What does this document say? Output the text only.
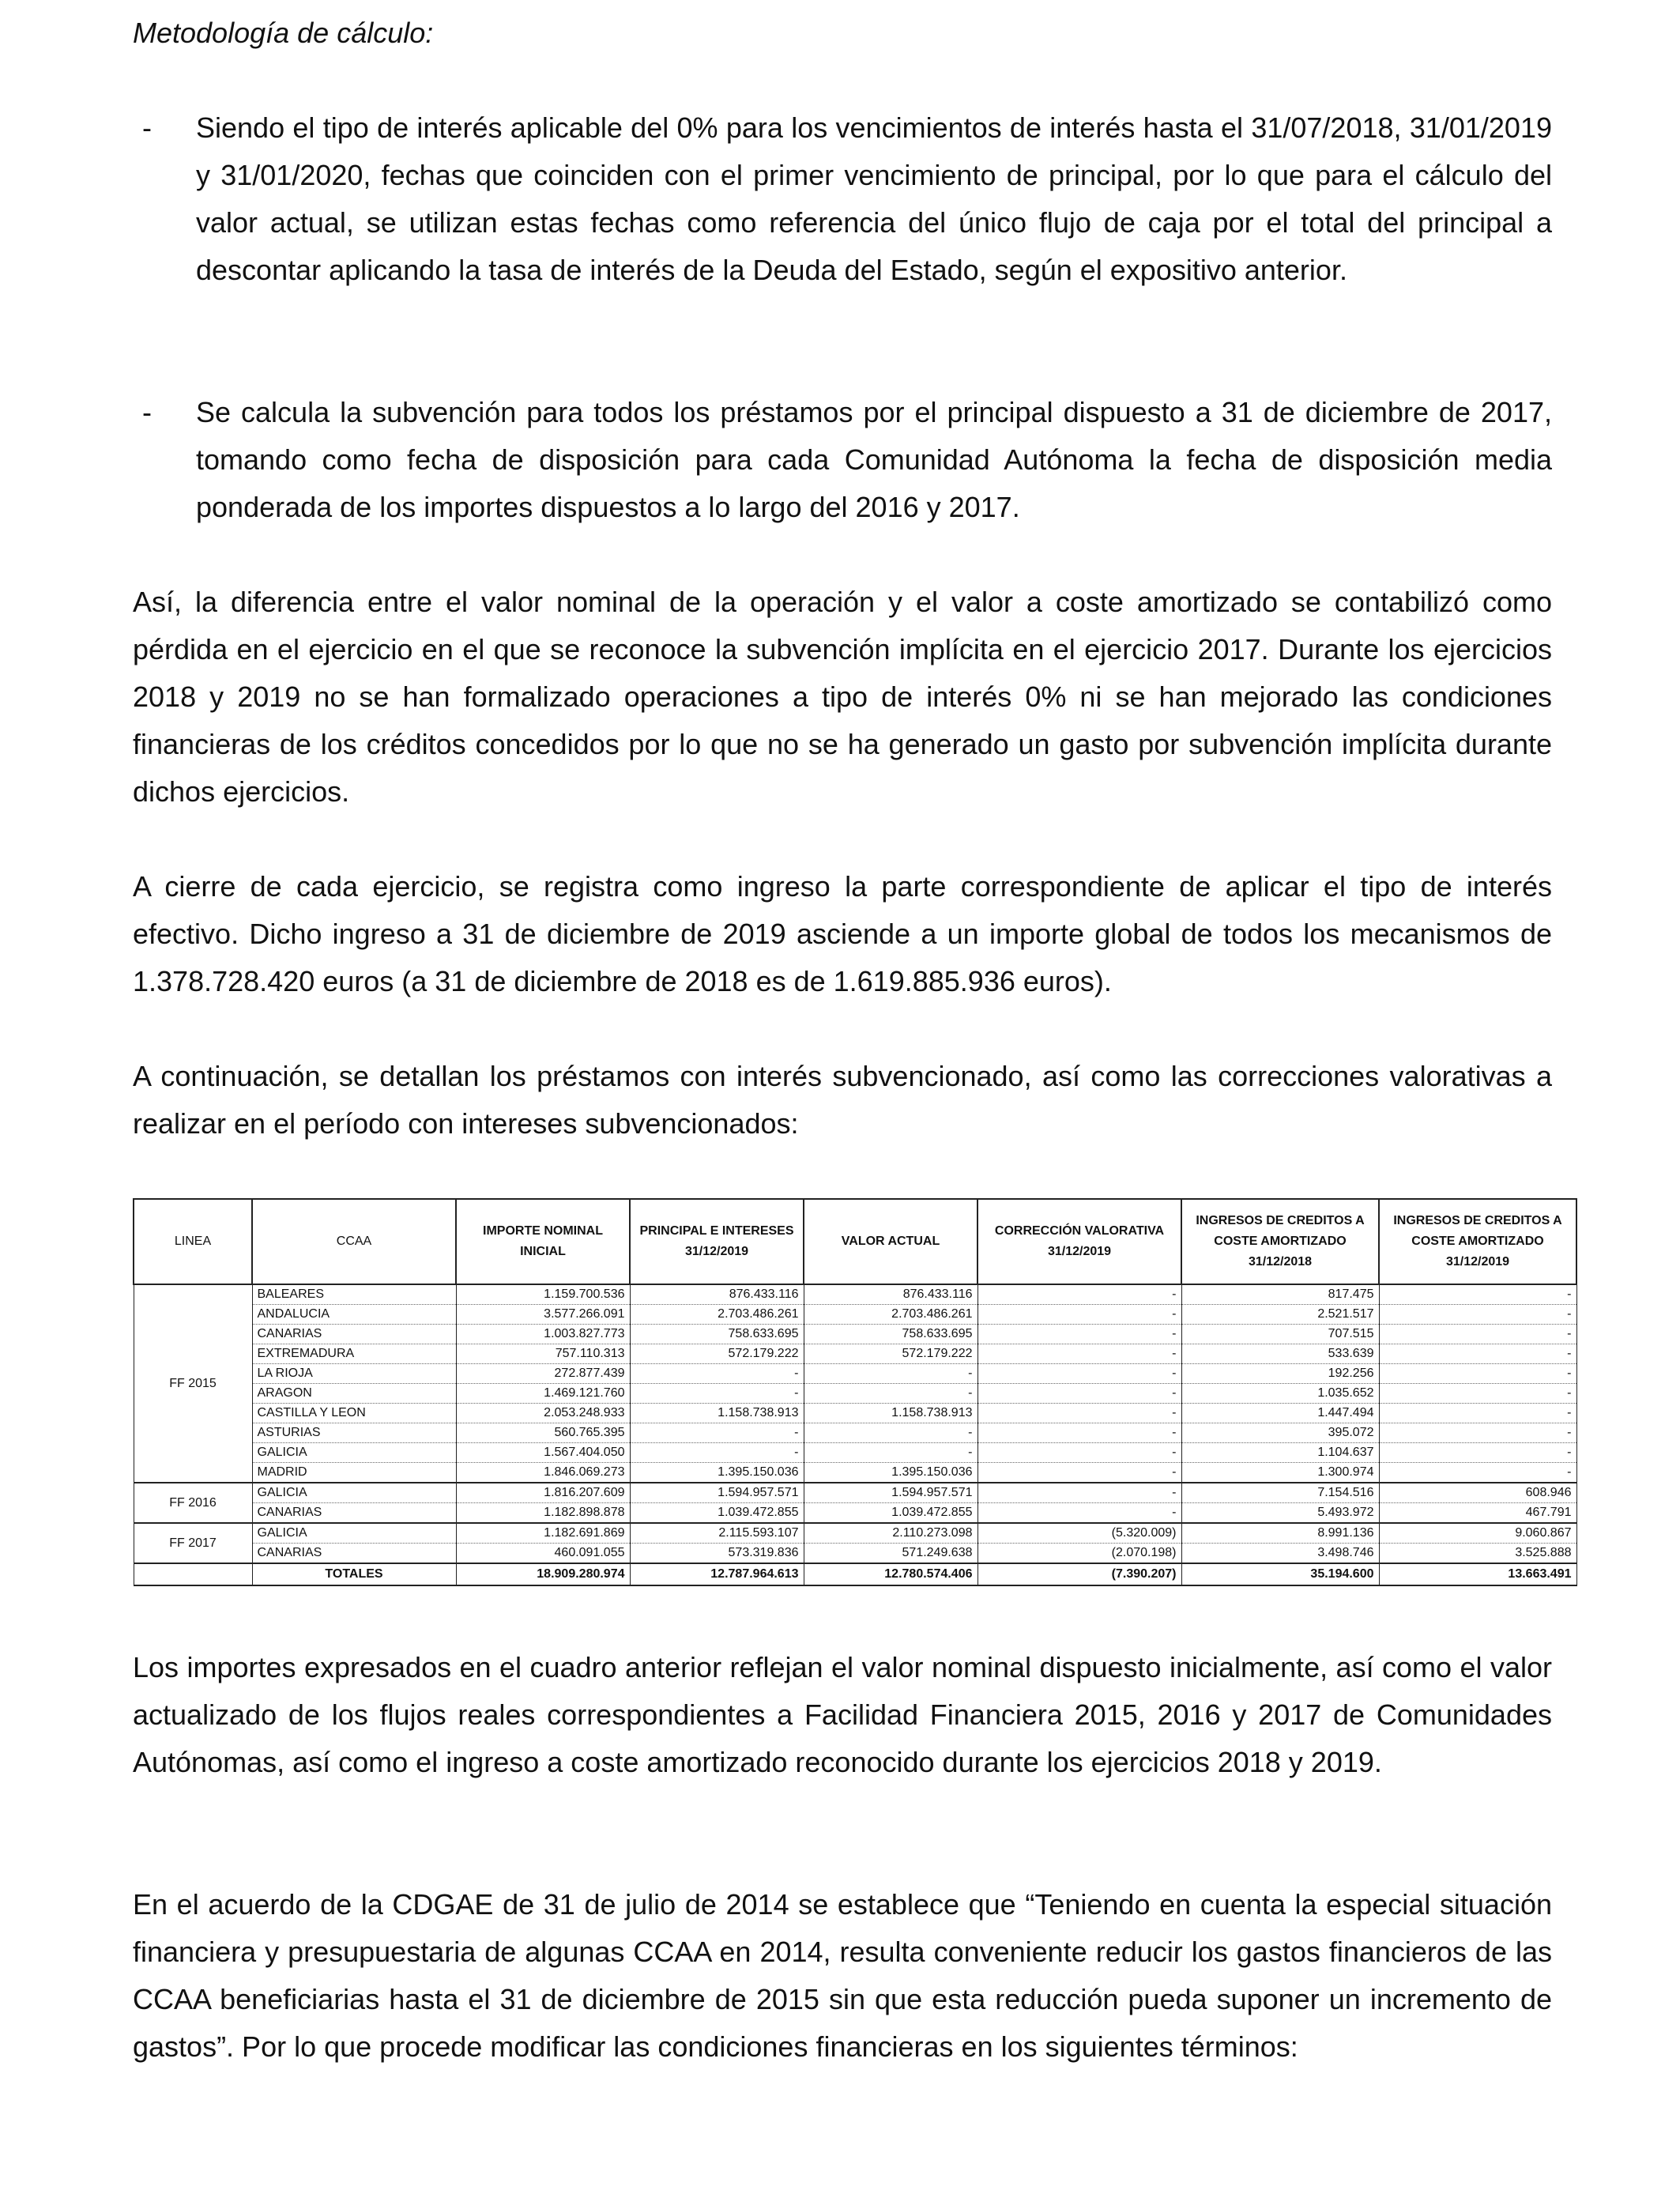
Metodología de cálculo:
- Siendo el tipo de interés aplicable del 0% para los vencimientos de interés hasta el 31/07/2018, 31/01/2019 y 31/01/2020, fechas que coinciden con el primer vencimiento de principal, por lo que para el cálculo del valor actual, se utilizan estas fechas como referencia del único flujo de caja por el total del principal a descontar aplicando la tasa de interés de la Deuda del Estado, según el expositivo anterior.
- Se calcula la subvención para todos los préstamos por el principal dispuesto a 31 de diciembre de 2017, tomando como fecha de disposición para cada Comunidad Autónoma la fecha de disposición media ponderada de los importes dispuestos a lo largo del 2016 y 2017.
Así, la diferencia entre el valor nominal de la operación y el valor a coste amortizado se contabilizó como pérdida en el ejercicio en el que se reconoce la subvención implícita en el ejercicio 2017. Durante los ejercicios 2018 y 2019 no se han formalizado operaciones a tipo de interés 0% ni se han mejorado las condiciones financieras de los créditos concedidos por lo que no se ha generado un gasto por subvención implícita durante dichos ejercicios.
A cierre de cada ejercicio, se registra como ingreso la parte correspondiente de aplicar el tipo de interés efectivo. Dicho ingreso a 31 de diciembre de 2019 asciende a un importe global de todos los mecanismos de 1.378.728.420 euros (a 31 de diciembre de 2018 es de 1.619.885.936 euros).
A continuación, se detallan los préstamos con interés subvencionado, así como las correcciones valorativas a realizar en el período con intereses subvencionados:
LINEA	CCAA	IMPORTE NOMINAL INICIAL	PRINCIPAL E INTERESES 31/12/2019	VALOR ACTUAL	CORRECCIÓN VALORATIVA 31/12/2019	INGRESOS DE CREDITOS A COSTE AMORTIZADO 31/12/2018	INGRESOS DE CREDITOS A COSTE AMORTIZADO 31/12/2019
FF 2015	BALEARES	1.159.700.536	876.433.116	876.433.116	-	817.475	-
	ANDALUCIA	3.577.266.091	2.703.486.261	2.703.486.261	-	2.521.517	-
	CANARIAS	1.003.827.773	758.633.695	758.633.695	-	707.515	-
	EXTREMADURA	757.110.313	572.179.222	572.179.222	-	533.639	-
	LA RIOJA	272.877.439	-	-	-	192.256	-
	ARAGON	1.469.121.760	-	-	-	1.035.652	-
	CASTILLA Y LEON	2.053.248.933	1.158.738.913	1.158.738.913	-	1.447.494	-
	ASTURIAS	560.765.395	-	-	-	395.072	-
	GALICIA	1.567.404.050	-	-	-	1.104.637	-
	MADRID	1.846.069.273	1.395.150.036	1.395.150.036	-	1.300.974	-
FF 2016	GALICIA	1.816.207.609	1.594.957.571	1.594.957.571	-	7.154.516	608.946
	CANARIAS	1.182.898.878	1.039.472.855	1.039.472.855	-	5.493.972	467.791
FF 2017	GALICIA	1.182.691.869	2.115.593.107	2.110.273.098	(5.320.009)	8.991.136	9.060.867
	CANARIAS	460.091.055	573.319.836	571.249.638	(2.070.198)	3.498.746	3.525.888
	TOTALES	18.909.280.974	12.787.964.613	12.780.574.406	(7.390.207)	35.194.600	13.663.491
Los importes expresados en el cuadro anterior reflejan el valor nominal dispuesto inicialmente, así como el valor actualizado de los flujos reales correspondientes a Facilidad Financiera 2015, 2016 y 2017 de Comunidades Autónomas, así como el ingreso a coste amortizado reconocido durante los ejercicios 2018 y 2019.
En el acuerdo de la CDGAE de 31 de julio de 2014 se establece que “Teniendo en cuenta la especial situación financiera y presupuestaria de algunas CCAA en 2014, resulta conveniente reducir los gastos financieros de las CCAA beneficiarias hasta el 31 de diciembre de 2015 sin que esta reducción pueda suponer un incremento de gastos”. Por lo que procede modificar las condiciones financieras en los siguientes términos:
